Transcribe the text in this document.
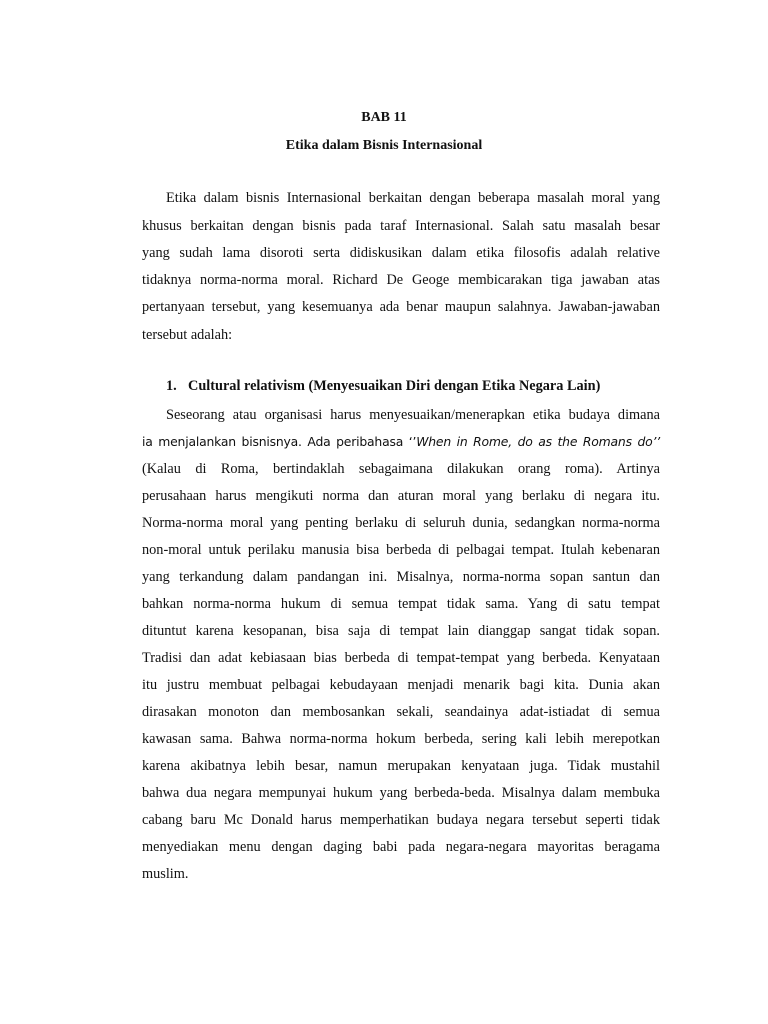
BAB 11
Etika dalam Bisnis Internasional
Etika dalam bisnis Internasional berkaitan dengan beberapa masalah moral yang
khusus berkaitan dengan bisnis pada taraf Internasional. Salah satu masalah besar
yang sudah lama disoroti serta didiskusikan dalam etika filosofis adalah relative
tidaknya norma-norma moral. Richard De Geoge membicarakan tiga jawaban atas
pertanyaan tersebut, yang kesemuanya ada benar maupun salahnya. Jawaban-jawaban
tersebut adalah:
1. Cultural relativism (Menyesuaikan Diri dengan Etika Negara Lain)
Seseorang atau organisasi harus menyesuaikan/menerapkan etika budaya dimana
ia menjalankan bisnisnya. Ada peribahasa ‘’When in Rome, do as the Romans do’’
(Kalau di Roma, bertindaklah sebagaimana dilakukan orang roma). Artinya
perusahaan harus mengikuti norma dan aturan moral yang berlaku di negara itu.
Norma-norma moral yang penting berlaku di seluruh dunia, sedangkan norma-norma
non-moral untuk perilaku manusia bisa berbeda di pelbagai tempat. Itulah kebenaran
yang terkandung dalam pandangan ini. Misalnya, norma-norma sopan santun dan
bahkan norma-norma hukum di semua tempat tidak sama. Yang di satu tempat
dituntut karena kesopanan, bisa saja di tempat lain dianggap sangat tidak sopan.
Tradisi dan adat kebiasaan bias berbeda di tempat-tempat yang berbeda. Kenyataan
itu justru membuat pelbagai kebudayaan menjadi menarik bagi kita. Dunia akan
dirasakan monoton dan membosankan sekali, seandainya adat-istiadat di semua
kawasan sama. Bahwa norma-norma hokum berbeda, sering kali lebih merepotkan
karena akibatnya lebih besar, namun merupakan kenyataan juga. Tidak mustahil
bahwa dua negara mempunyai hukum yang berbeda-beda. Misalnya dalam membuka
cabang baru Mc Donald harus memperhatikan budaya negara tersebut seperti tidak
menyediakan menu dengan daging babi pada negara-negara mayoritas beragama
muslim.
